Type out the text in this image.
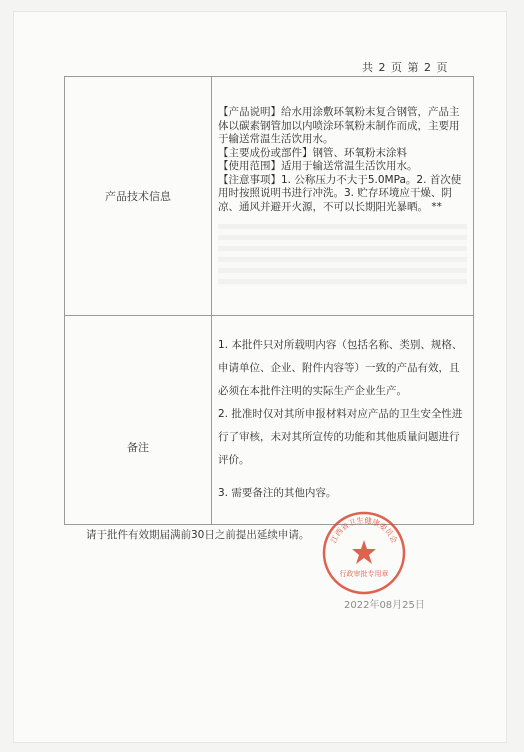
共 2 页 第 2 页
产品技术信息	【产品说明】给水用涂敷环氧粉末复合钢管，产品主体以碳素钢管加以内喷涂环氧粉末制作而成，主要用于输送常温生活饮用水。

【主要成份或部件】钢管、环氧粉末涂料

【使用范围】适用于输送常温生活饮用水。

【注意事项】1. 公称压力不大于5.0MPa。2. 首次使用时按照说明书进行冲洗。3. 贮存环境应干燥、阴凉、通风并避开火源，不可以长期阳光暴晒。 **

备注	1. 本批件只对所载明内容（包括名称、类别、规格、申请单位、企业、附件内容等）一致的产品有效，且必须在本批件注明的实际生产企业生产。

2. 批准时仅对其所申报材料对应产品的卫生安全性进行了审核，未对其所宣传的功能和其他质量问题进行评价。

3. 需要备注的其他内容。

请于批件有效期届满前30日之前提出延续申请。
行政审批专用章
江西省卫生健康委员会
2022年08月25日
